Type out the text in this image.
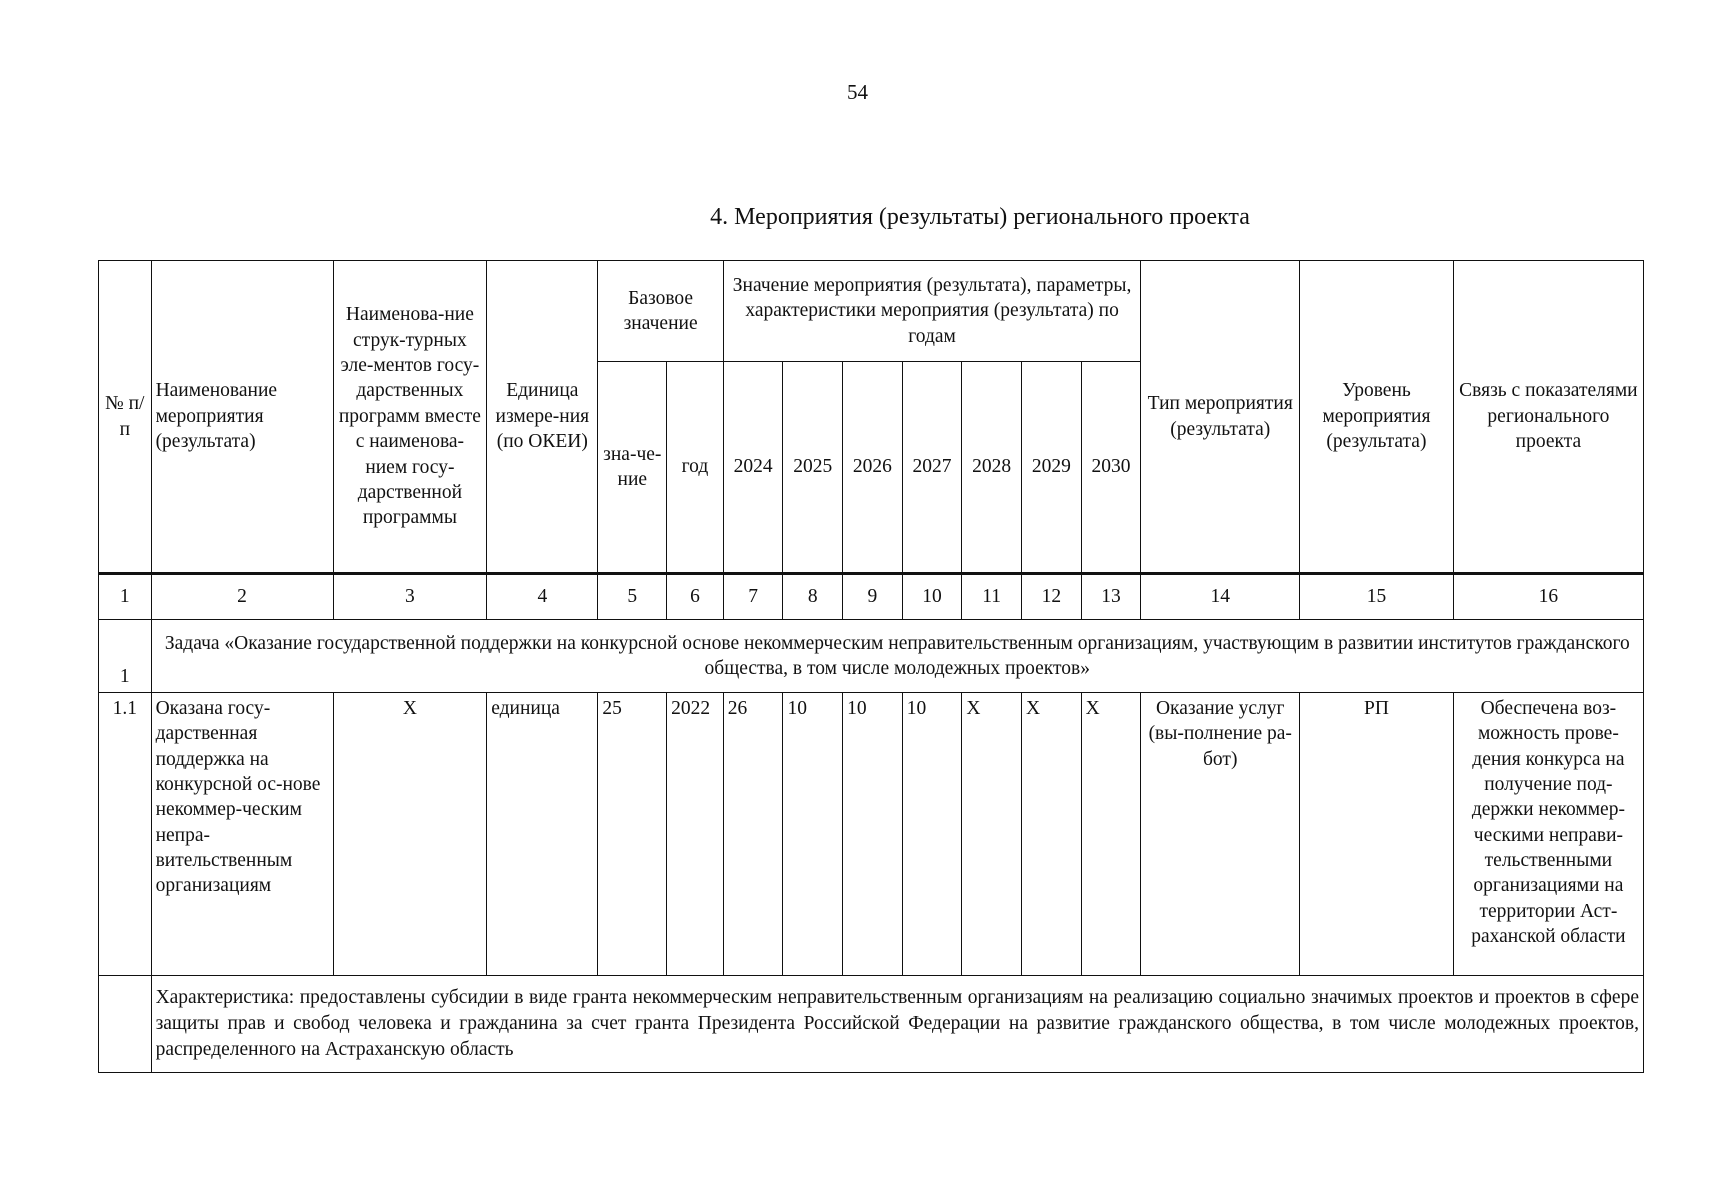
54
4. Мероприятия (результаты) регионального проекта
№ п/п	Наименование мероприятия (результата)	Наименова-ние струк-турных эле-ментов госу-дарственных программ вместе с наименова-нием госу-дарственной программы	Единица измере-ния (по ОКЕИ)	Базовое значение		Значение мероприятия (результата), параметры, характеристики мероприятия (результата) по годам							Тип мероприятия (результата)	Уровень мероприятия (результата)	Связь с показателями регионального проекта
				зна-че-ние	год	2024	2025	2026	2027	2028	2029	2030			
1	2	3	4	5	6	7	8	9	10	11	12	13	14	15	16
1	Задача «Оказание государственной поддержки на конкурсной основе некоммерческим неправительственным организациям, участвующим в развитии институтов гражданского общества, в том числе молодежных проектов»														
1.1	Оказана госу-дарственная поддержка на конкурсной ос-нове некоммер-ческим непра-вительственным организациям	Х	единица	25	2022	26	10	10	10	Х	Х	Х	Оказание услуг (вы-полнение ра-бот)	РП	Обеспечена воз-можность прове-дения конкурса на получение под-держки некоммер-ческими неправи-тельственными организациями на территории Аст-раханской области
	Характеристика: предоставлены субсидии в виде гранта некоммерческим неправительственным организациям на реализацию социально значимых проектов и проектов в сфере защиты прав и свобод человека и гражданина за счет гранта Президента Российской Федерации на развитие гражданского общества, в том числе молодежных проектов, распределенного на Астраханскую область														
